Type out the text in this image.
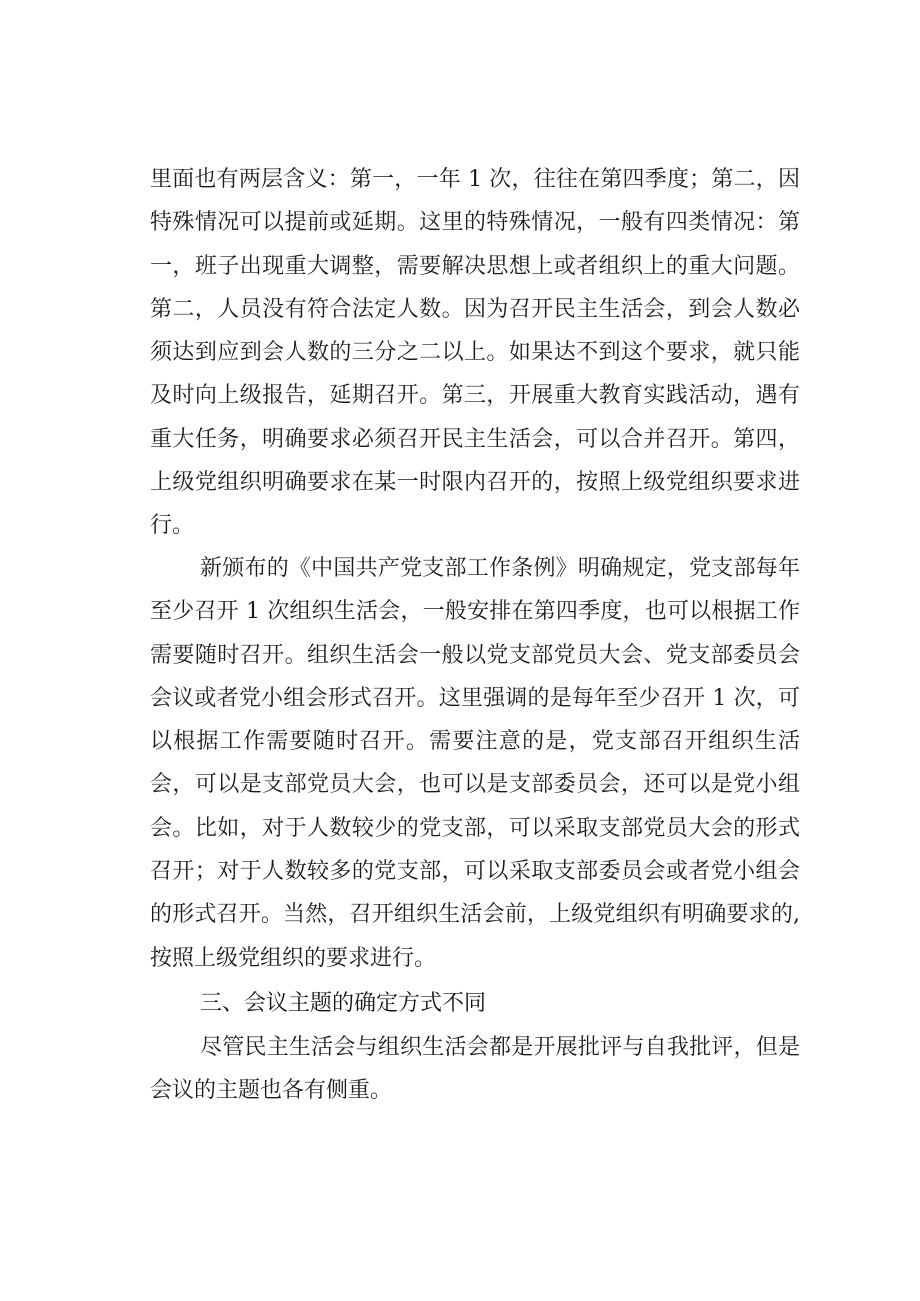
里面也有两层含义：第一，一年 1 次，往往在第四季度；第二，因特殊情况可以提前或延期。这里的特殊情况，一般有四类情况：第一，班子出现重大调整，需要解决思想上或者组织上的重大问题。第二，人员没有符合法定人数。因为召开民主生活会，到会人数必须达到应到会人数的三分之二以上。如果达不到这个要求，就只能及时向上级报告，延期召开。第三，开展重大教育实践活动，遇有重大任务，明确要求必须召开民主生活会，可以合并召开。第四，上级党组织明确要求在某一时限内召开的，按照上级党组织要求进行。

新颁布的《中国共产党支部工作条例》明确规定，党支部每年至少召开 1 次组织生活会，一般安排在第四季度，也可以根据工作需要随时召开。组织生活会一般以党支部党员大会、党支部委员会会议或者党小组会形式召开。这里强调的是每年至少召开 1 次，可以根据工作需要随时召开。需要注意的是，党支部召开组织生活会，可以是支部党员大会，也可以是支部委员会，还可以是党小组会。比如，对于人数较少的党支部，可以采取支部党员大会的形式召开；对于人数较多的党支部，可以采取支部委员会或者党小组会的形式召开。当然，召开组织生活会前，上级党组织有明确要求的,按照上级党组织的要求进行。

三、会议主题的确定方式不同

尽管民主生活会与组织生活会都是开展批评与自我批评，但是会议的主题也各有侧重。
